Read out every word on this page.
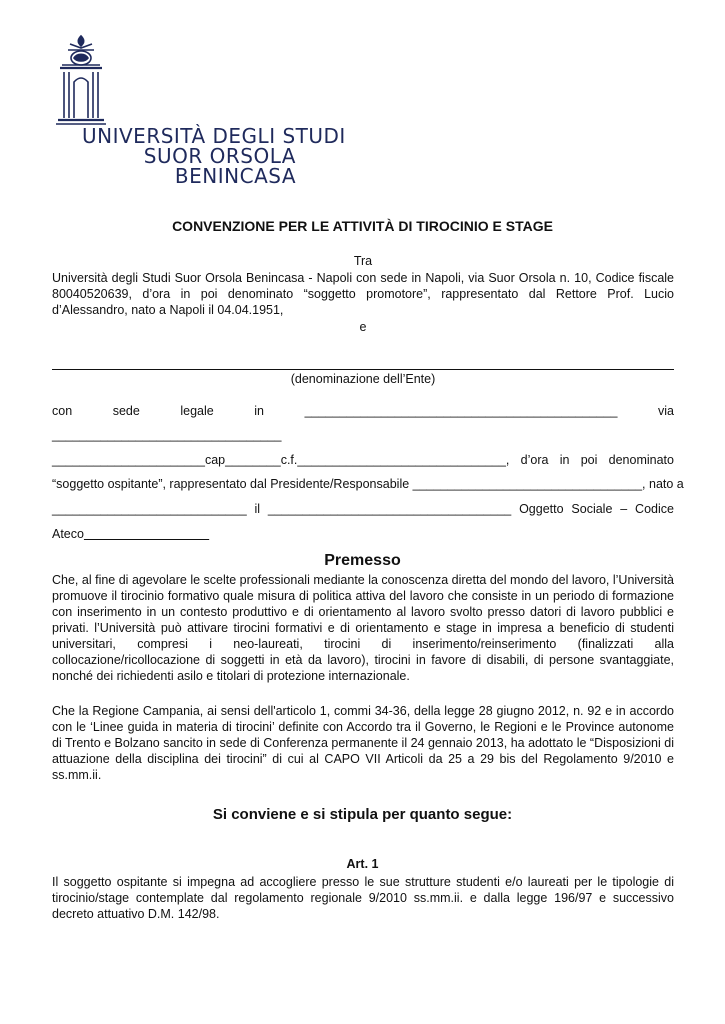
UNIVERSITÀ DEGLI STUDI
SUOR ORSOLA
BENINCASA
CONVENZIONE PER LE ATTIVITÀ DI TIROCINIO E STAGE
Tra
Università degli Studi Suor Orsola Benincasa - Napoli con sede in Napoli, via Suor Orsola n. 10, Codice fiscale 80040520639, d’ora in poi denominato “soggetto promotore”, rappresentato dal Rettore Prof. Lucio d’Alessandro, nato a Napoli il 04.04.1951,
e
(denominazione dell’Ente)
con	sede	legale	in	_____________________________________________	via
_________________________________
______________________cap________c.f.______________________________, d’ora in poi denominato
“soggetto ospitante”, rappresentato dal Presidente/Responsabile _________________________________, nato a
____________________________ il ___________________________________ Oggetto Sociale – Codice
Ateco __________________
Premesso
Che, al fine di agevolare le scelte professionali mediante la conoscenza diretta del mondo del lavoro, l’Università promuove il tirocinio formativo quale misura di politica attiva del lavoro che consiste in un periodo di formazione con inserimento in un contesto produttivo e di orientamento al lavoro svolto presso datori di lavoro pubblici e privati. l’Università può attivare tirocini formativi e di orientamento e stage in impresa a beneficio di studenti universitari, compresi i neo-laureati, tirocini di inserimento/reinserimento (finalizzati alla collocazione/ricollocazione di soggetti in età da lavoro), tirocini in favore di disabili, di persone svantaggiate, nonché dei richiedenti asilo e titolari di protezione internazionale.
Che la Regione Campania, ai sensi dell'articolo 1, commi 34-36, della legge 28 giugno 2012, n. 92 e in accordo con le ‘Linee guida in materia di tirocini’ definite con Accordo tra il Governo, le Regioni e le Province autonome di Trento e Bolzano sancito in sede di Conferenza permanente il 24 gennaio 2013, ha adottato le “Disposizioni di attuazione della disciplina dei tirocini” di cui al CAPO VII Articoli da 25 a 29 bis del Regolamento 9/2010 e ss.mm.ii.
Si conviene e si stipula per quanto segue:
Art. 1
Il soggetto ospitante si impegna ad accogliere presso le sue strutture studenti e/o laureati per le tipologie di tirocinio/stage contemplate dal regolamento regionale 9/2010 ss.mm.ii. e dalla legge 196/97 e successivo decreto attuativo D.M. 142/98.
